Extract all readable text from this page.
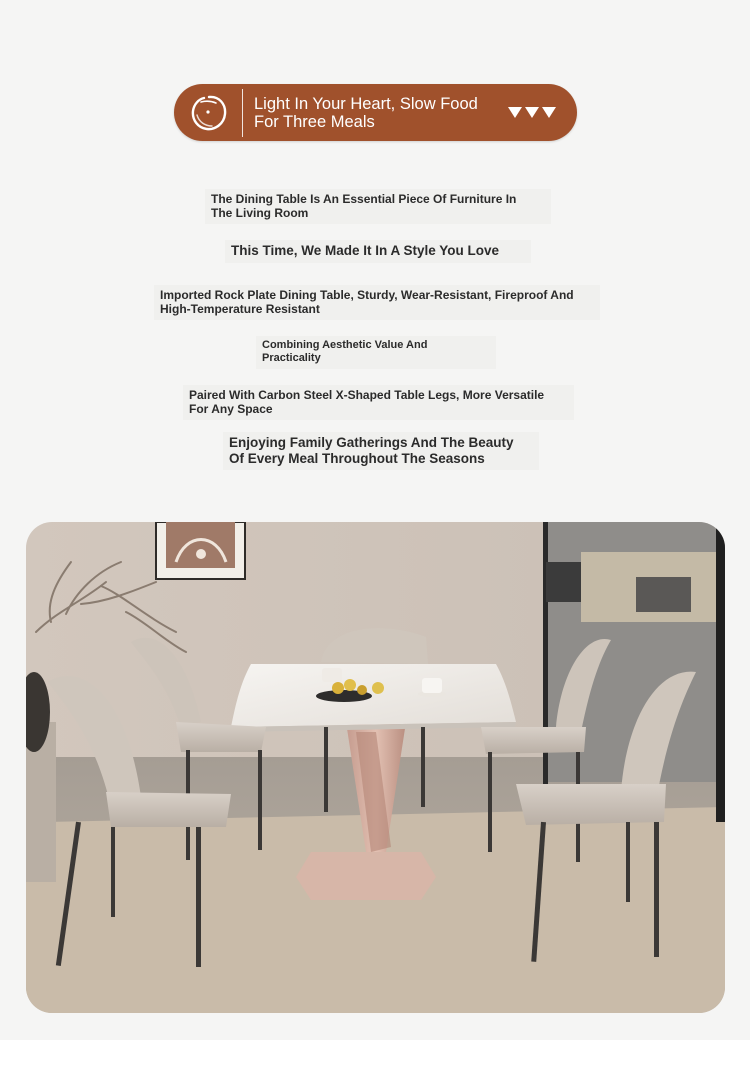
Light In Your Heart, Slow Food For Three Meals
The Dining Table Is An Essential Piece Of Furniture In The Living Room
This Time, We Made It In A Style You Love
Imported Rock Plate Dining Table, Sturdy, Wear-Resistant, Fireproof And High-Temperature Resistant
Combining Aesthetic Value And Practicality
Paired With Carbon Steel X-Shaped Table Legs, More Versatile For Any Space
Enjoying Family Gatherings And The Beauty Of Every Meal Throughout The Seasons
